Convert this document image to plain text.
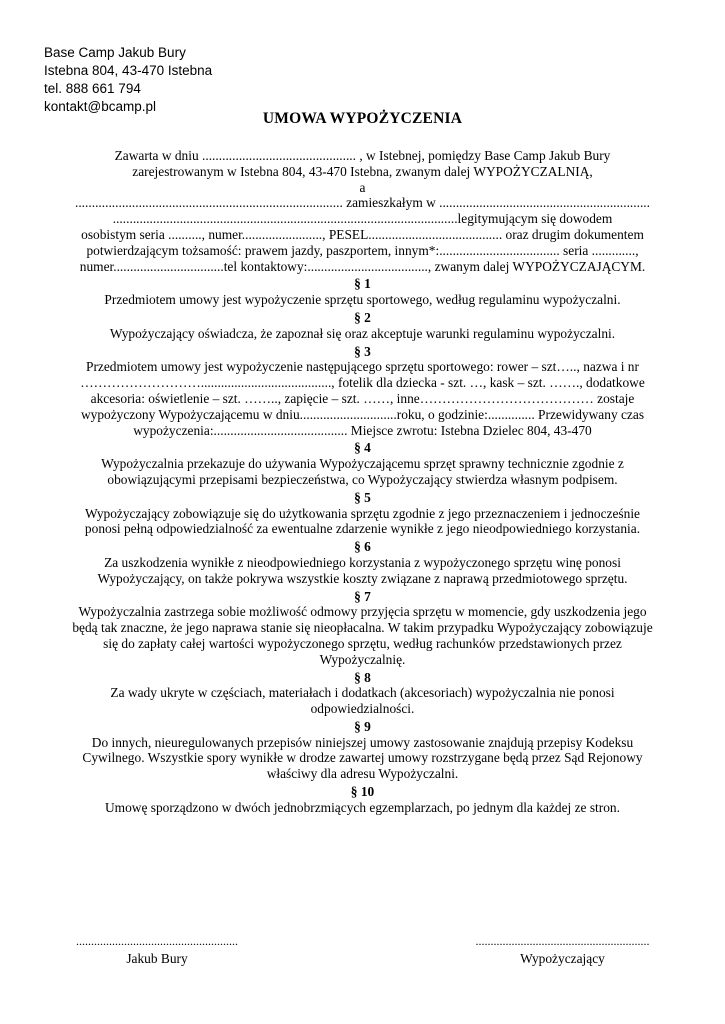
Base Camp Jakub Bury
Istebna 804, 43-470 Istebna
tel. 888 661 794
kontakt@bcamp.pl
UMOWA WYPOŻYCZENIA
Zawarta w dniu .............................................. , w Istebnej, pomiędzy Base Camp Jakub Bury
zarejestrowanym w Istebna 804, 43-470 Istebna, zwanym dalej WYPOŻYCZALNIĄ,
a
................................................................................ zamieszkałym w ...............................................................
.......................................................................................................legitymującym się dowodem
osobistym seria .........., numer........................, PESEL........................................ oraz drugim dokumentem
potwierdzającym tożsamość: prawem jazdy, paszportem, innym*:.................................... seria .............,
numer.................................tel kontaktowy:...................................., zwanym dalej WYPOŻYCZAJĄCYM.
§ 1
Przedmiotem umowy jest wypożyczenie sprzętu sportowego, według regulaminu wypożyczalni.
§ 2
Wypożyczający oświadcza, że zapoznał się oraz akceptuje warunki regulaminu wypożyczalni.
§ 3
Przedmiotem umowy jest wypożyczenie następującego sprzętu sportowego: rower – szt….., nazwa i nr
………………………......................................., fotelik dla dziecka - szt. …, kask – szt. ……., dodatkowe
akcesoria: oświetlenie – szt. …….., zapięcie – szt. ……, inne………………………………… zostaje
wypożyczony Wypożyczającemu w dniu.............................roku, o godzinie:.............. Przewidywany czas
wypożyczenia:........................................ Miejsce zwrotu: Istebna Dzielec 804, 43-470
§ 4
Wypożyczalnia przekazuje do używania Wypożyczającemu sprzęt sprawny technicznie zgodnie z
obowiązującymi przepisami bezpieczeństwa, co Wypożyczający stwierdza własnym podpisem.
§ 5
Wypożyczający zobowiązuje się do użytkowania sprzętu zgodnie z jego przeznaczeniem i jednocześnie
ponosi pełną odpowiedzialność za ewentualne zdarzenie wynikłe z jego nieodpowiedniego korzystania.
§ 6
Za uszkodzenia wynikłe z nieodpowiedniego korzystania z wypożyczonego sprzętu winę ponosi
Wypożyczający, on także pokrywa wszystkie koszty związane z naprawą przedmiotowego sprzętu.
§ 7
Wypożyczalnia zastrzega sobie możliwość odmowy przyjęcia sprzętu w momencie, gdy uszkodzenia jego
będą tak znaczne, że jego naprawa stanie się nieopłacalna. W takim przypadku Wypożyczający zobowiązuje
się do zapłaty całej wartości wypożyczonego sprzętu, według rachunków przedstawionych przez
Wypożyczalnię.
§ 8
Za wady ukryte w częściach, materiałach i dodatkach (akcesoriach) wypożyczalnia nie ponosi
odpowiedzialności.
§ 9
Do innych, nieuregulowanych przepisów niniejszej umowy zastosowanie znajdują przepisy Kodeksu
Cywilnego. Wszystkie spory wynikłe w drodze zawartej umowy rozstrzygane będą przez Sąd Rejonowy
właściwy dla adresu Wypożyczalni.
§ 10
Umowę sporządzono w dwóch jednobrzmiących egzemplarzach, po jednym dla każdej ze stron.
......................................................
Jakub Bury
..........................................................
Wypożyczający
